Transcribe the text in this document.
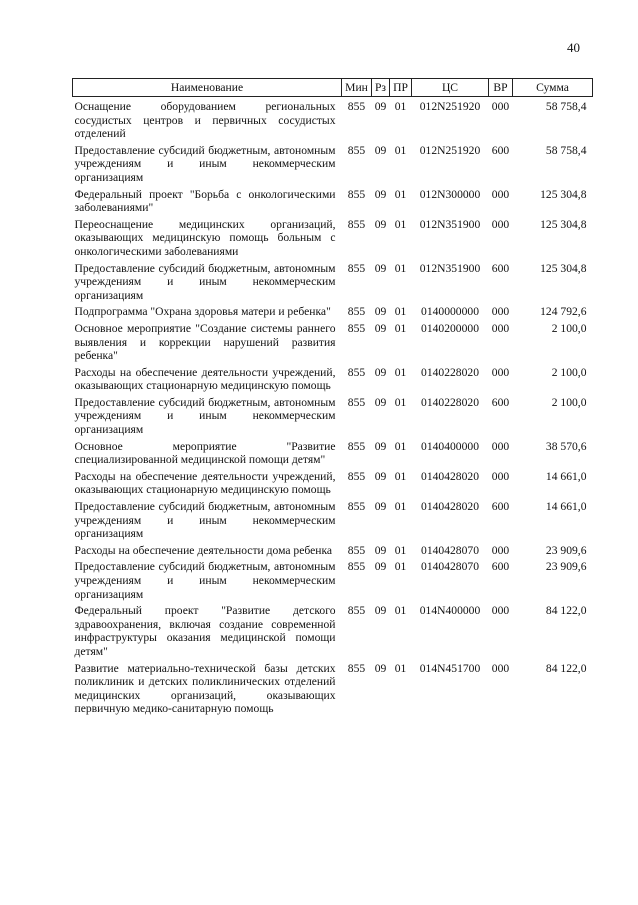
40
Наименование	Мин	Рз	ПР	ЦС	ВР	Сумма
Оснащение оборудованием региональных сосудистых центров и первичных сосудистых отделений	855	09	01	012N251920	000	58 758,4
Предоставление субсидий бюджетным, автономным учреждениям и иным некоммерческим организациям	855	09	01	012N251920	600	58 758,4
Федеральный проект "Борьба с онкологическими заболеваниями"	855	09	01	012N300000	000	125 304,8
Переоснащение медицинских организаций, оказывающих медицинскую помощь больным с онкологическими заболеваниями	855	09	01	012N351900	000	125 304,8
Предоставление субсидий бюджетным, автономным учреждениям и иным некоммерческим организациям	855	09	01	012N351900	600	125 304,8
Подпрограмма "Охрана здоровья матери и ребенка"	855	09	01	0140000000	000	124 792,6
Основное мероприятие "Создание системы раннего выявления и коррекции нарушений развития ребенка"	855	09	01	0140200000	000	2 100,0
Расходы на обеспечение деятельности учреждений, оказывающих стационарную медицинскую помощь	855	09	01	0140228020	000	2 100,0
Предоставление субсидий бюджетным, автономным учреждениям и иным некоммерческим организациям	855	09	01	0140228020	600	2 100,0
Основное мероприятие "Развитие специализированной медицинской помощи детям"	855	09	01	0140400000	000	38 570,6
Расходы на обеспечение деятельности учреждений, оказывающих стационарную медицинскую помощь	855	09	01	0140428020	000	14 661,0
Предоставление субсидий бюджетным, автономным учреждениям и иным некоммерческим организациям	855	09	01	0140428020	600	14 661,0
Расходы на обеспечение деятельности дома ребенка	855	09	01	0140428070	000	23 909,6
Предоставление субсидий бюджетным, автономным учреждениям и иным некоммерческим организациям	855	09	01	0140428070	600	23 909,6
Федеральный проект "Развитие детского здравоохранения, включая создание современной инфраструктуры оказания медицинской помощи детям"	855	09	01	014N400000	000	84 122,0
Развитие материально-технической базы детских поликлиник и детских поликлинических отделений медицинских организаций, оказывающих первичную медико-санитарную помощь	855	09	01	014N451700	000	84 122,0
